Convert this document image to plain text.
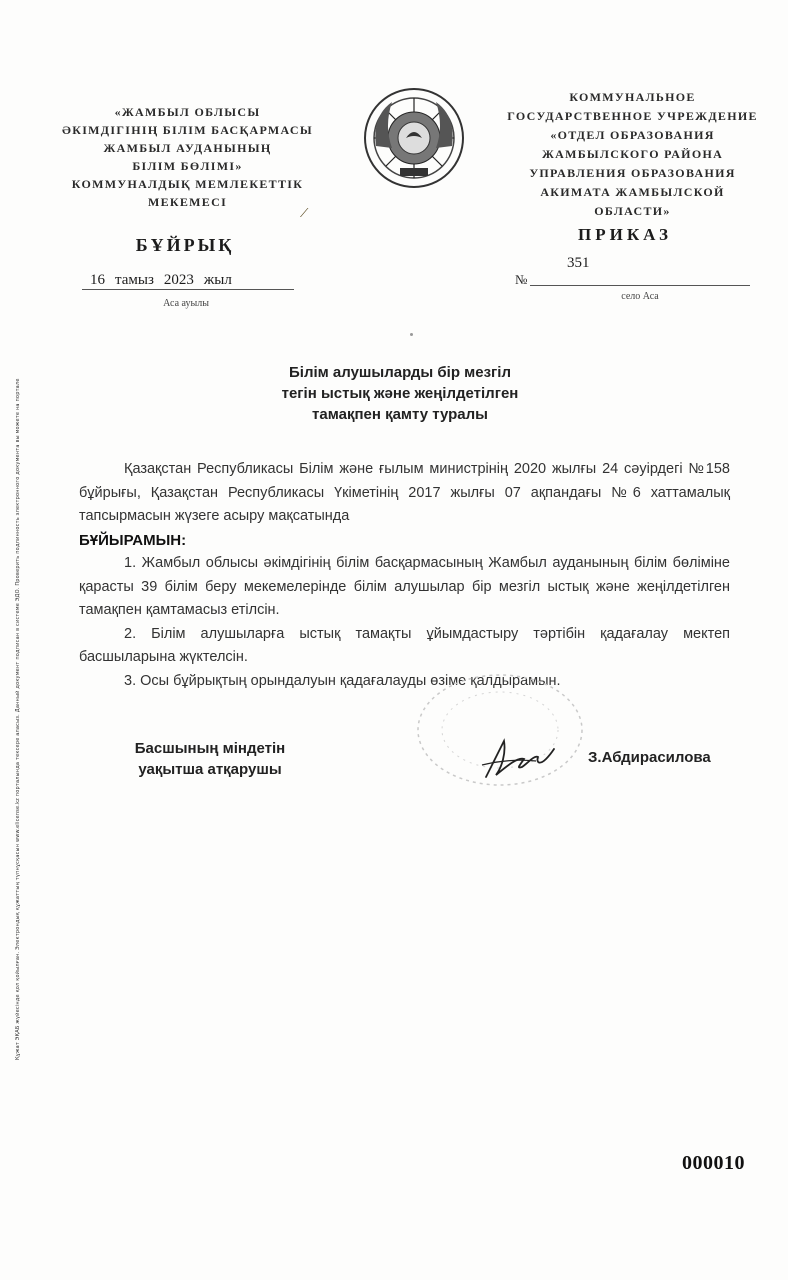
«ЖАМБЫЛ ОБЛЫСЫ
ӘКІМДІГІНІҢ БІЛІМ БАСҚАРМАСЫ
ЖАМБЫЛ АУДАНЫНЫҢ
БІЛІМ БӨЛІМІ»
КОММУНАЛДЫҚ МЕМЛЕКЕТТІК
МЕКЕМЕСІ
КОММУНАЛЬНОЕ
ГОСУДАРСТВЕННОЕ УЧРЕЖДЕНИЕ
«ОТДЕЛ ОБРАЗОВАНИЯ
ЖАМБЫЛСКОГО РАЙОНА
УПРАВЛЕНИЯ ОБРАЗОВАНИЯ
АКИМАТА ЖАМБЫЛСКОЙ ОБЛАСТИ»
⟋
БҰЙРЫҚ
ПРИКАЗ
16 тамыз 2023 жыл
Аса ауылы
№
351
село Аса
Білім алушыларды бір мезгіл
тегін ыстық және жеңілдетілген
тамақпен қамту туралы

Қазақстан Республикасы Білім және ғылым министрінің 2020 жылғы 24 сәуірдегі №158 бұйрығы, Қазақстан Республикасы Үкіметінің 2017 жылғы 07 ақпандағы №6 хаттамалық тапсырмасын жүзеге асыру мақсатында

БҰЙЫРАМЫН:

1. Жамбыл облысы әкімдігінің білім басқармасының Жамбыл ауданының білім бөліміне қарасты 39 білім беру мекемелерінде білім алушылар бір мезгіл ыстық және жеңілдетілген тамақпен қамтамасыз етілсін.

2. Білім алушыларға ыстық тамақты ұйымдастыру тәртібін қадағалау мектеп басшыларына жүктелсін.

3. Осы бұйрықтың орындалуын қадағалауды өзіме қалдырамын.

Басшының міндетін
уақытша атқарушы
З.Абдирасилова
Құжат ЭҚАБ жүйесінде қол қойылған. Электрондық құжаттың түпнұсқасын www.elicense.kz порталында тексере аласыз. Данный документ подписан в системе ЭДО. Проверить подлинность электронного документа вы можете на портале
000010
